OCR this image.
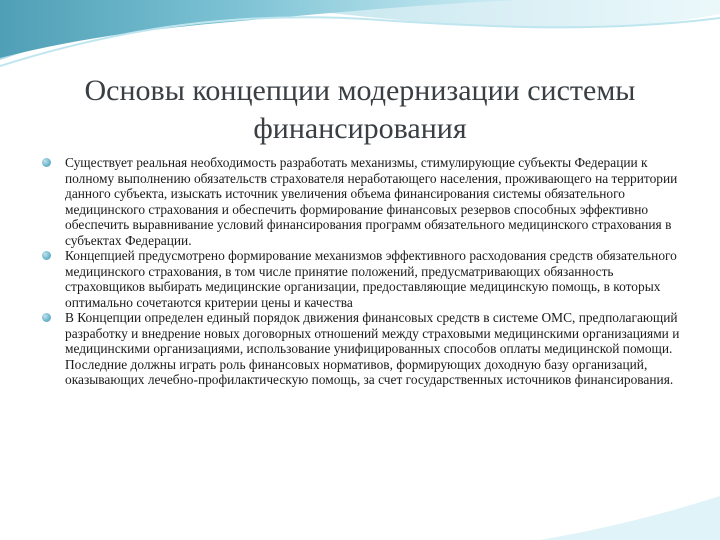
Основы концепции модернизации системы финансирования
Существует реальная необходимость разработать механизмы, стимулирующие субъекты Федерации к полному выполнению обязательств страхователя неработающего населения, проживающего на территории данного субъекта, изыскать источник увеличения объема финансирования системы обязательного медицинского страхования и обеспечить формирование финансовых резервов способных эффективно обеспечить выравнивание условий финансирования программ обязательного медицинского страхования в субъектах Федерации.
Концепцией предусмотрено формирование механизмов эффективного расходования средств обязательного медицинского страхования, в том числе принятие положений, предусматривающих обязанность страховщиков выбирать медицинские организации, предоставляющие медицинскую помощь, в которых оптимально сочетаются критерии цены и качества
В Концепции определен единый порядок движения финансовых средств в системе ОМС, предполагающий разработку и внедрение новых договорных отношений между страховыми медицинскими организациями и медицинскими организациями, использование унифицированных способов оплаты медицинской помощи. Последние должны играть роль финансовых нормативов, формирующих доходную базу организаций, оказывающих лечебно-профилактическую помощь, за счет государственных источников финансирования.
